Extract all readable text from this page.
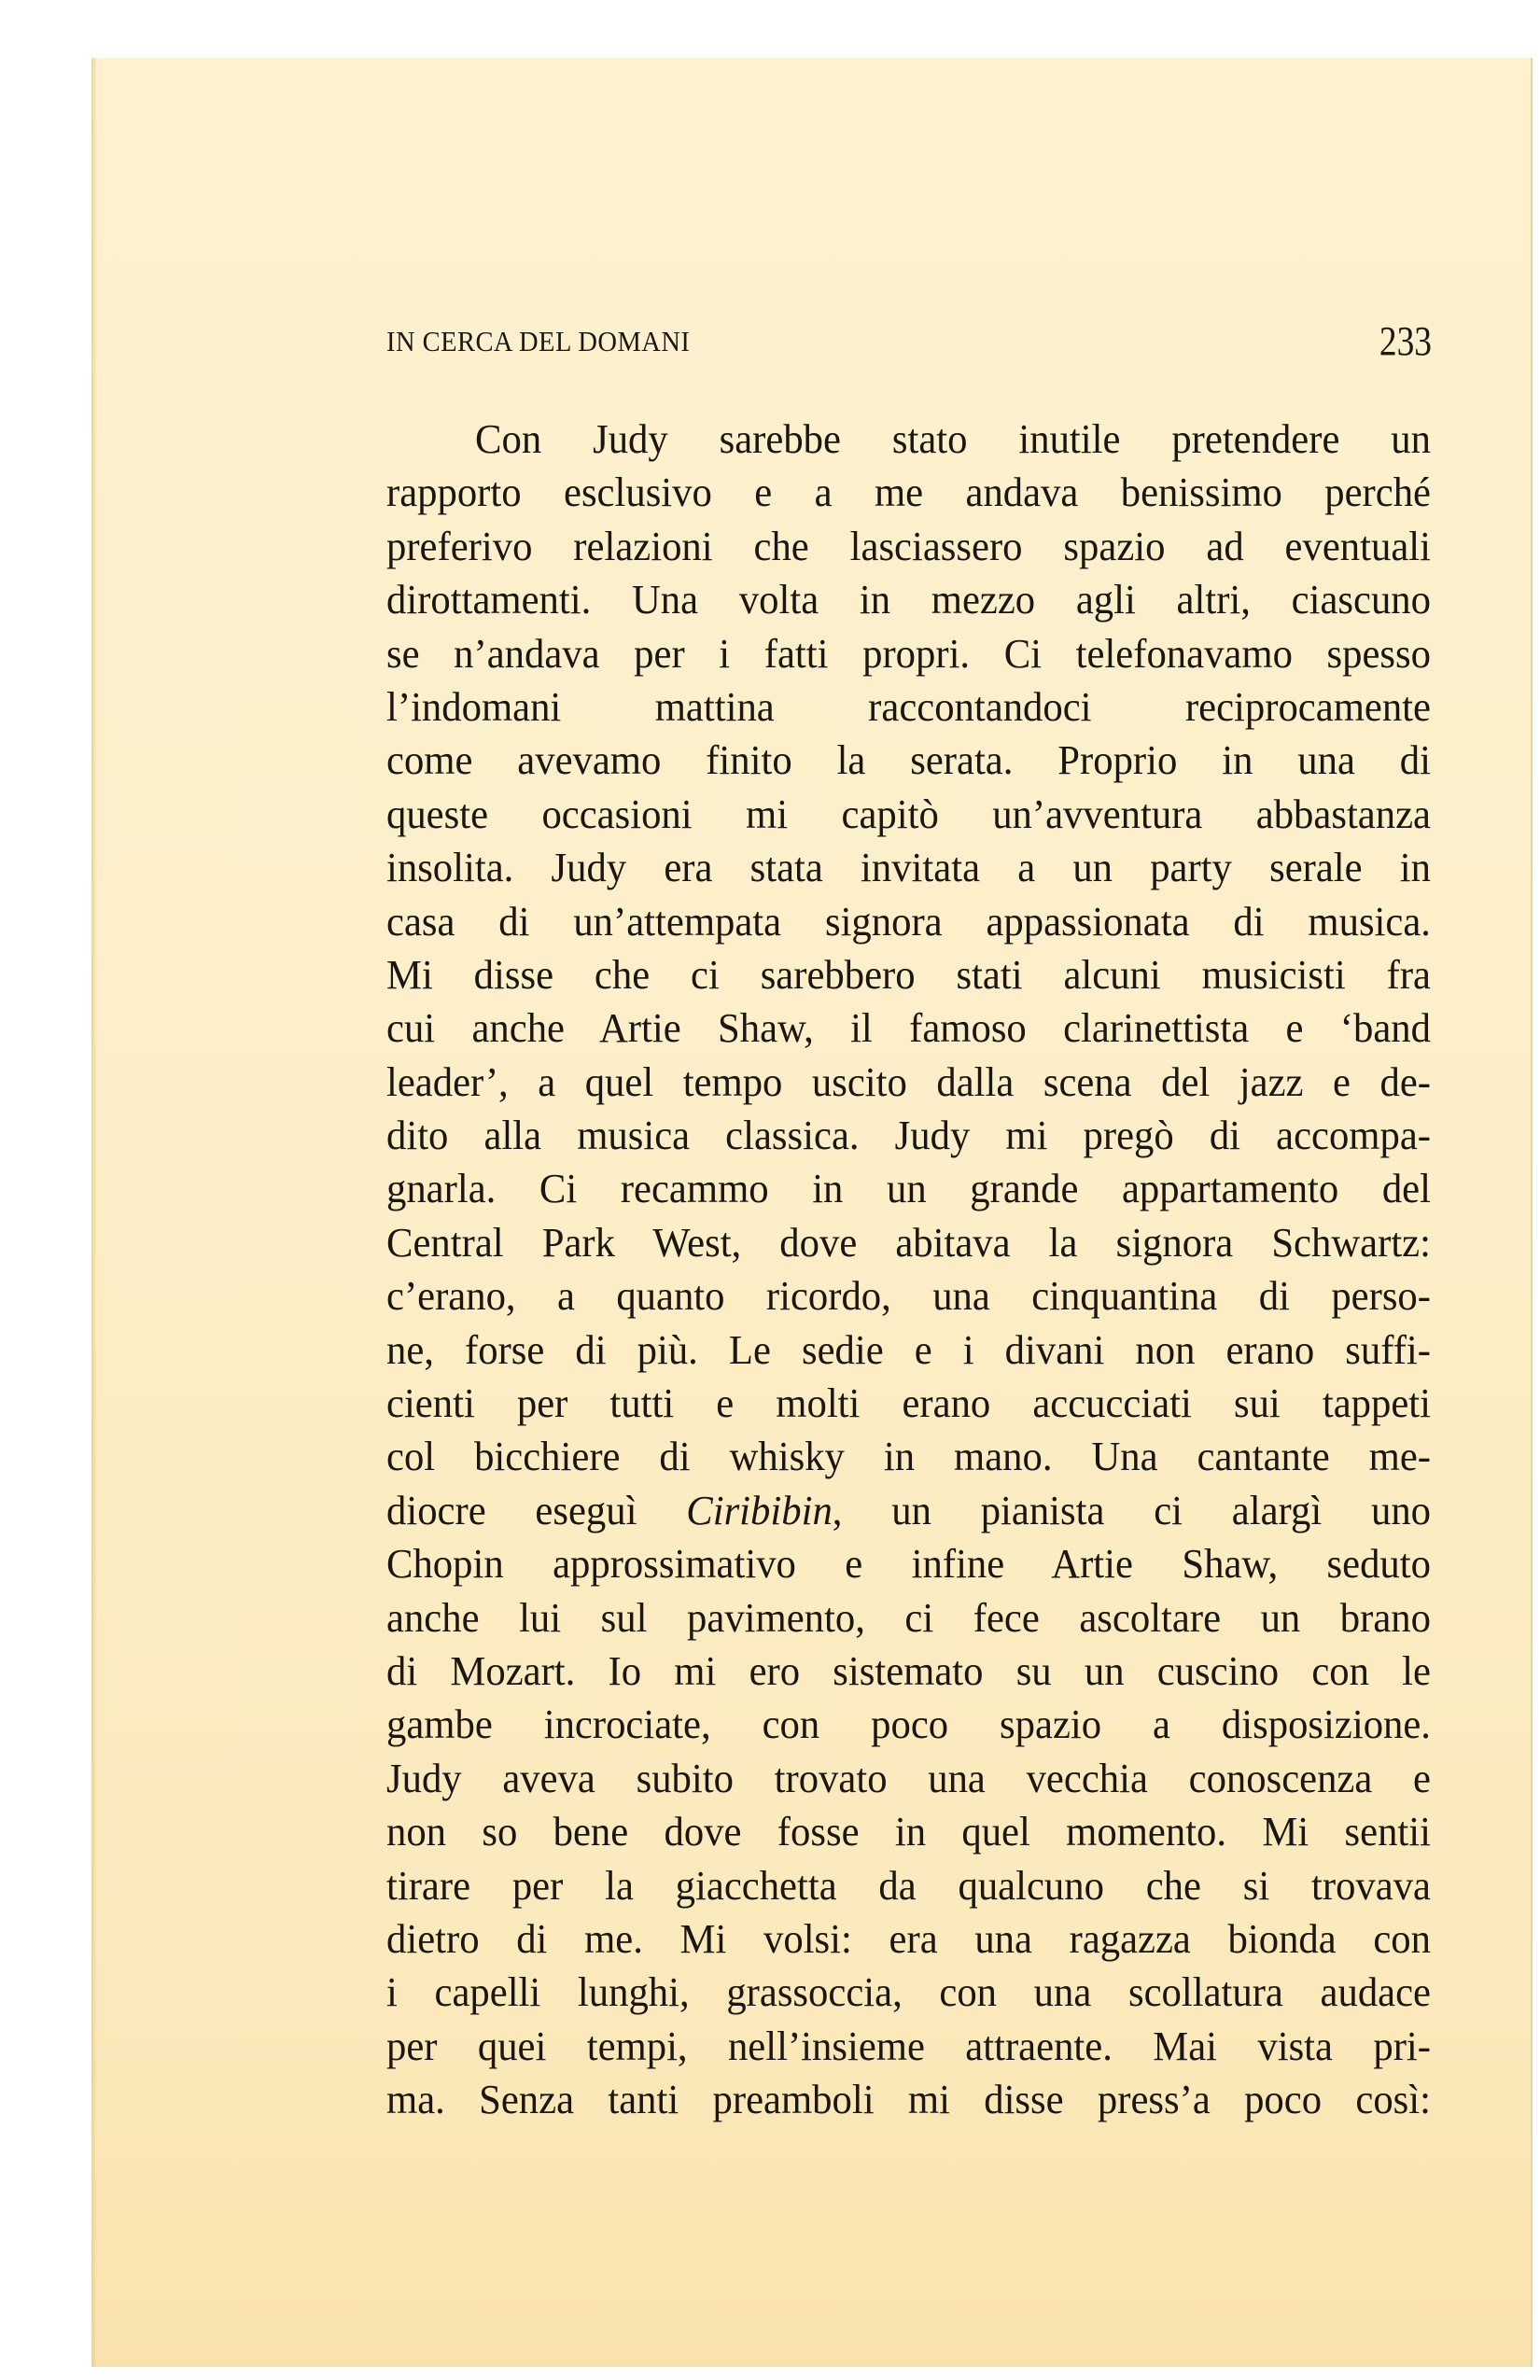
IN CERCA DEL DOMANI	233
Con Judy sarebbe stato inutile pretendere un
rapporto esclusivo e a me andava benissimo perché
preferivo relazioni che lasciassero spazio ad eventuali
dirottamenti. Una volta in mezzo agli altri, ciascuno
se n’andava per i fatti propri. Ci telefonavamo spesso
l’indomani mattina raccontandoci reciprocamente
come avevamo finito la serata. Proprio in una di
queste occasioni mi capitò un’avventura abbastanza
insolita. Judy era stata invitata a un party serale in
casa di un’attempata signora appassionata di musica.
Mi disse che ci sarebbero stati alcuni musicisti fra
cui anche Artie Shaw, il famoso clarinettista e ‘band
leader’, a quel tempo uscito dalla scena del jazz e de-
dito alla musica classica. Judy mi pregò di accompa-
gnarla. Ci recammo in un grande appartamento del
Central Park West, dove abitava la signora Schwartz:
c’erano, a quanto ricordo, una cinquantina di perso-
ne, forse di più. Le sedie e i divani non erano suffi-
cienti per tutti e molti erano accucciati sui tappeti
col bicchiere di whisky in mano. Una cantante me-
diocre eseguì Ciribibin, un pianista ci alargì uno
Chopin approssimativo e infine Artie Shaw, seduto
anche lui sul pavimento, ci fece ascoltare un brano
di Mozart. Io mi ero sistemato su un cuscino con le
gambe incrociate, con poco spazio a disposizione.
Judy aveva subito trovato una vecchia conoscenza e
non so bene dove fosse in quel momento. Mi sentii
tirare per la giacchetta da qualcuno che si trovava
dietro di me. Mi volsi: era una ragazza bionda con
i capelli lunghi, grassoccia, con una scollatura audace
per quei tempi, nell’insieme attraente. Mai vista pri-
ma. Senza tanti preamboli mi disse press’a poco così:
